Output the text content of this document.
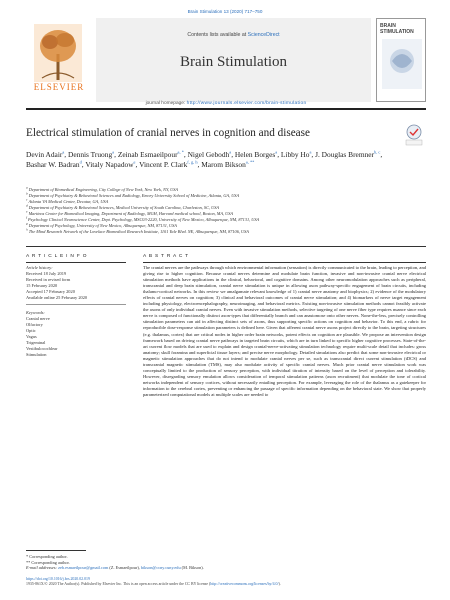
Brain Stimulation 13 (2020) 717–750
ELSEVIER
Contents lists available at ScienceDirect
Brain Stimulation
BRAIN
STIMULATION
journal homepage: http://www.journals.elsevier.com/brain-stimulation
Electrical stimulation of cranial nerves in cognition and disease
Devin Adair$^a$, Dennis Truong$^a$, Zeinab Esmaeilpour$^{a, *}$, Nigel Gebodh$^a$, Helen Borges$^a$, Libby Ho$^a$, J. Douglas Bremner$^{b, c}$, Bashar W. Badran$^d$, Vitaly Napadow$^e$, Vincent P. Clark$^{f, g, h}$, Marom Bikson$^{a, **}$
$^a$ Department of Biomedical Engineering, City College of New York, New York, NY, USA
$^b$ Department of Psychiatry & Behavioral Sciences and Radiology, Emory University School of Medicine, Atlanta, GA, USA
$^c$ Atlanta VA Medical Center, Decatur, GA, USA
$^d$ Department of Psychiatry & Behavioral Sciences, Medical University of South Carolina, Charleston, SC, USA
$^e$ Martinos Center for Biomedical Imaging, Department of Radiology, MGH, Harvard medical school, Boston, MA, USA
$^f$ Psychology Clinical Neuroscience Center, Dept. Psychology, MSC03-2220, University of New Mexico, Albuquerque, NM, 87131, USA
$^g$ Department of Psychology, University of New Mexico, Albuquerque, NM, 87131, USA
$^h$ The Mind Research Network of the Lovelace Biomedical Research Institute, 1101 Yale Blvd. NE, Albuquerque, NM, 87106, USA
A R T I C L E I N F O	A B S T R A C T
Article history:
Received 18 July 2019
Received in revised form
15 February 2020
Accepted 17 February 2020
Available online 25 February 2020
Keywords:
Cranial nerve
Olfactory
Optic
Vagus
Trigeminal
Vestibulocochlear
Stimulation
The cranial nerves are the pathways through which environmental information (sensation) is directly communicated to the brain, leading to perception, and giving rise to higher cognition. Because cranial nerves determine and modulate brain function, invasive and non-invasive cranial nerve electrical stimulation methods have applications in the clinical, behavioral, and cognitive domains. Among other neuromodulation approaches such as peripheral, transcranial and deep brain stimulation, cranial nerve stimulation is unique in allowing axon pathway-specific engagement of brain circuits, including thalamo-cortical networks. In this review we amalgamate relevant knowledge of 1) cranial nerve anatomy and biophysics; 2) evidence of the modulatory effects of cranial nerves on cognition; 3) clinical and behavioral outcomes of cranial nerve stimulation; and 4) biomarkers of nerve target engagement including physiology, electroencephalography, neuroimaging, and behavioral metrics. Existing non-invasive stimulation methods cannot feasibly activate the axons of only individual cranial nerves. Even with invasive stimulation methods, selective targeting of one nerve fiber type requires nuance since each nerve is composed of functionally distinct axon-types that differentially branch and can anastomose onto other nerves. None-the-less, precisely controlling stimulation parameters can aid in affecting distinct sets of axons, thus supporting specific actions on cognition and behavior. To this end, a rubric for reproducible dose-response stimulation parameters is defined here. Given that afferent cranial nerve axons project directly to the brain, targeting structures (e.g. thalamus, cortex) that are critical nodes in higher order brain networks, potent effects on cognition are plausible. We propose an intervention design framework based on driving cranial nerve pathways in targeted brain circuits, which are in turn linked to specific higher cognitive processes. State-of-the-art current flow models that are used to explain and design cranial-nerve-activating stimulation technology require multi-scale detail that includes: gross anatomy; skull foramina and superficial tissue layers; and precise nerve morphology. Detailed simulations also predict that some non-invasive electrical or magnetic stimulation approaches that do not intend to modulate cranial nerves per se, such as transcranial direct current stimulation (tDCS) and transcranial magnetic stimulation (TMS), may also modulate activity of specific cranial nerves. Much prior cranial nerve stimulation work was conceptually limited to the production of sensory perception, with individual titration of intensity based on the level of perception and tolerability. However, disregarding sensory emulation allows consideration of temporal stimulation patterns (axon recruitment) that modulate the tone of cortical networks independent of sensory cortices, without necessarily entailing perception. For example, leveraging the role of the thalamus as a gatekeeper for information to the cerebral cortex, preventing or enhancing the passage of specific information depending on the behavioral state. We show that properly parameterized computational models at multiple scales are needed to
* Corresponding author.
** Corresponding author.
E-mail addresses: zeb.esmaeilpour@gmail.com (Z. Esmaeilpour), bikson@ccny.cuny.edu (M. Bikson).
https://doi.org/10.1016/j.brs.2020.02.019
1935-861X/© 2020 The Author(s). Published by Elsevier Inc. This is an open access article under the CC BY license (http://creativecommons.org/licenses/by/4.0/).
